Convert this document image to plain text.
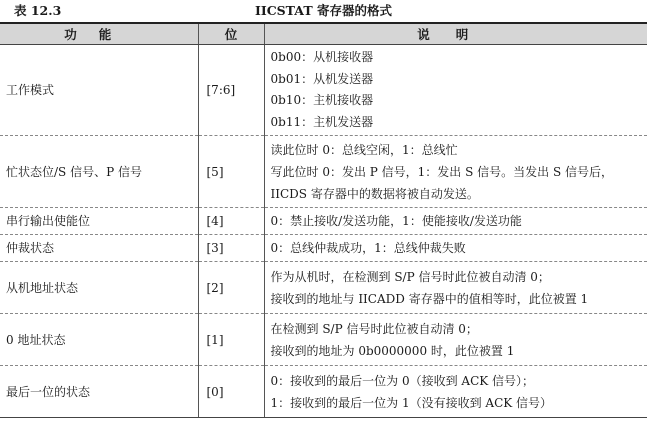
表 12.3	IICSTAT 寄存器的格式
功能	位	说明
工作模式	[7:6]	0b00：从机接收器
0b01：从机发送器
0b10：主机接收器
0b11：主机发送器

忙状态位/S 信号、P 信号	[5]	读此位时 0：总线空闲，1：总线忙
写此位时 0：发出 P 信号，1：发出 S 信号。当发出 S 信号后，
IICDS 寄存器中的数据将被自动发送。

串行输出使能位	[4]	0：禁止接收/发送功能，1：使能接收/发送功能

仲裁状态	[3]	0：总线仲裁成功，1：总线仲裁失败

从机地址状态	[2]	作为从机时，在检测到 S/P 信号时此位被自动清 0；
接收到的地址与 IICADD 寄存器中的值相等时，此位被置 1

0 地址状态	[1]	在检测到 S/P 信号时此位被自动清 0；
接收到的地址为 0b0000000 时，此位被置 1

最后一位的状态	[0]	0：接收到的最后一位为 0（接收到 ACK 信号）；
1：接收到的最后一位为 1（没有接收到 ACK 信号）
